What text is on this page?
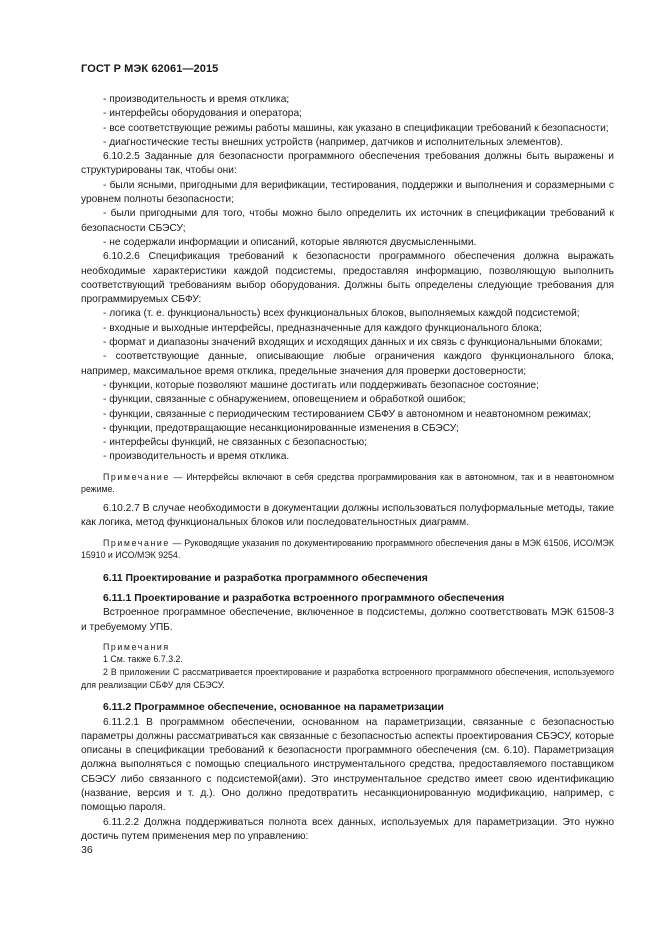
ГОСТ Р МЭК 62061—2015

- производительность и время отклика;

- интерфейсы оборудования и оператора;

- все соответствующие режимы работы машины, как указано в спецификации требований к безопасности;

- диагностические тесты внешних устройств (например, датчиков и исполнительных элементов).

6.10.2.5 Заданные для безопасности программного обеспечения требования должны быть выражены и структурированы так, чтобы они:

- были ясными, пригодными для верификации, тестирования, поддержки и выполнения и соразмерными с уровнем полноты безопасности;

- были пригодными для того, чтобы можно было определить их источник в спецификации требований к безопасности СБЭСУ;

- не содержали информации и описаний, которые являются двусмысленными.

6.10.2.6 Спецификация требований к безопасности программного обеспечения должна выражать необходимые характеристики каждой подсистемы, предоставляя информацию, позволяющую выполнить соответствующий требованиям выбор оборудования. Должны быть определены следующие требования для программируемых СБФУ:

- логика (т. е. функциональность) всех функциональных блоков, выполняемых каждой подсистемой;

- входные и выходные интерфейсы, предназначенные для каждого функционального блока;

- формат и диапазоны значений входящих и исходящих данных и их связь с функциональными блоками;

- соответствующие данные, описывающие любые ограничения каждого функционального блока, например, максимальное время отклика, предельные значения для проверки достоверности;

- функции, которые позволяют машине достигать или поддерживать безопасное состояние;

- функции, связанные с обнаружением, оповещением и обработкой ошибок;

- функции, связанные с периодическим тестированием СБФУ в автономном и неавтономном режимах;

- функции, предотвращающие несанкционированные изменения в СБЭСУ;

- интерфейсы функций, не связанных с безопасностью;

- производительность и время отклика.

Примечание — Интерфейсы включают в себя средства программирования как в автономном, так и в неавтономном режиме.

6.10.2.7 В случае необходимости в документации должны использоваться полуформальные методы, такие как логика, метод функциональных блоков или последовательностных диаграмм.

Примечание — Руководящие указания по документированию программного обеспечения даны в МЭК 61506, ИСО/МЭК 15910 и ИСО/МЭК 9254.

6.11 Проектирование и разработка программного обеспечения

6.11.1 Проектирование и разработка встроенного программного обеспечения

Встроенное программное обеспечение, включенное в подсистемы, должно соответствовать МЭК 61508-3 и требуемому УПБ.

Примечания

1 См. также 6.7.3.2.

2 В приложении С рассматривается проектирование и разработка встроенного программного обеспечения, используемого для реализации СБФУ для СБЭСУ.

6.11.2 Программное обеспечение, основанное на параметризации

6.11.2.1 В программном обеспечении, основанном на параметризации, связанные с безопасностью параметры должны рассматриваться как связанные с безопасностью аспекты проектирования СБЭСУ, которые описаны в спецификации требований к безопасности программного обеспечения (см. 6.10). Параметризация должна выполняться с помощью специального инструментального средства, предоставляемого поставщиком СБЭСУ либо связанного с подсистемой(ами). Это инструментальное средство имеет свою идентификацию (название, версия и т. д.). Оно должно предотвратить несанкционированную модификацию, например, с помощью пароля.

6.11.2.2 Должна поддерживаться полнота всех данных, используемых для параметризации. Это нужно достичь путем применения мер по управлению:

36
